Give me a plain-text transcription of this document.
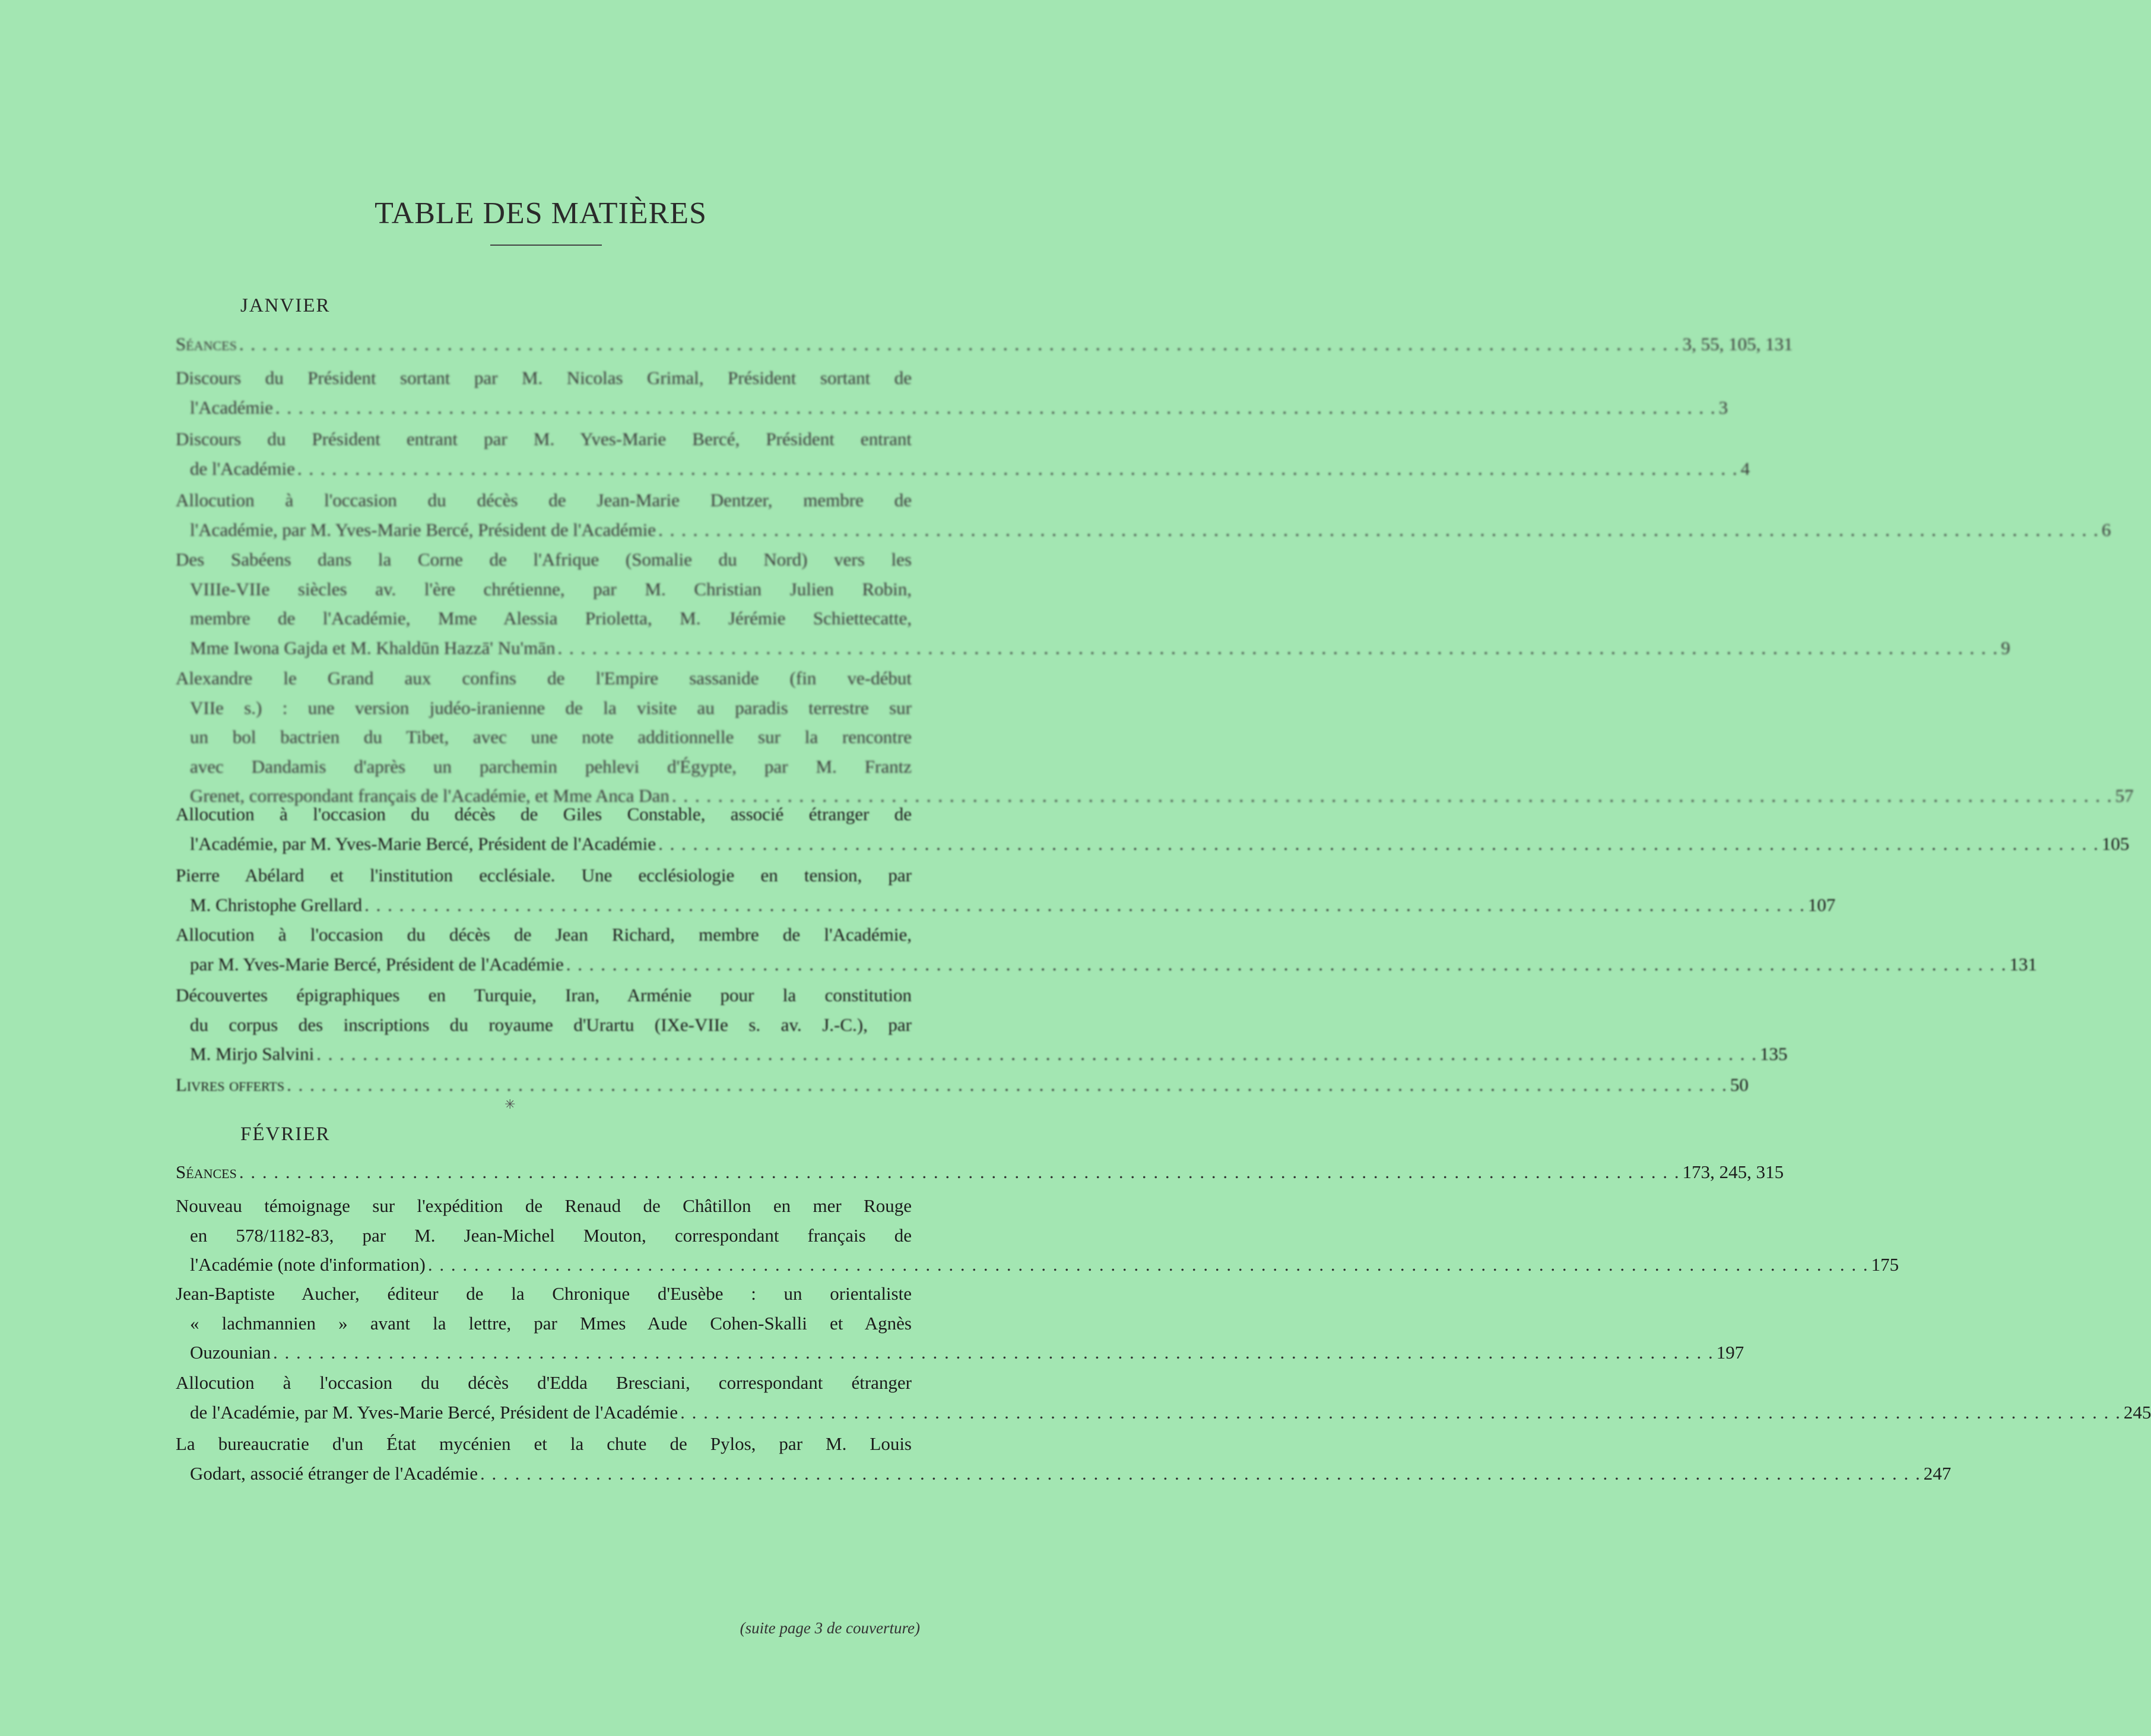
TABLE DES MATIÈRES
JANVIER
FÉVRIER
Séances . . . . . . . . . . . . . . . . . . . . . . . . . . . . . . . . . . . . . . . . . . . . . . . . . . . . . . . . . . . . . . . . . . . . . . . . . . . . . . . . . . . . . . . . . . . . . . . . . . . . . . . . . . . . . . . . . . . . . . . . . . . . . 3, 55, 105, 131
Discours du Président sortant par M. Nicolas Grimal, Président sortant de
l'Académie . . . . . . . . . . . . . . . . . . . . . . . . . . . . . . . . . . . . . . . . . . . . . . . . . . . . . . . . . . . . . . . . . . . . . . . . . . . . . . . . . . . . . . . . . . . . . . . . . . . . . . . . . . . . . . . . . . . . . . . . . . . . . 3
Discours du Président entrant par M. Yves-Marie Bercé, Président entrant
de l'Académie . . . . . . . . . . . . . . . . . . . . . . . . . . . . . . . . . . . . . . . . . . . . . . . . . . . . . . . . . . . . . . . . . . . . . . . . . . . . . . . . . . . . . . . . . . . . . . . . . . . . . . . . . . . . . . . . . . . . . . . . . . . . . 4
Allocution à l'occasion du décès de Jean-Marie Dentzer, membre de
l'Académie, par M. Yves-Marie Bercé, Président de l'Académie . . . . . . . . . . . . . . . . . . . . . . . . . . . . . . . . . . . . . . . . . . . . . . . . . . . . . . . . . . . . . . . . . . . . . . . . . . . . . . . . . . . . . . . . . . . . . . . . . . . . . . . . . . . . . . . . . . . . . . . . . . . . . 6
Des Sabéens dans la Corne de l'Afrique (Somalie du Nord) vers les
VIIIe-VIIe siècles av. l'ère chrétienne, par M. Christian Julien Robin,
membre de l'Académie, Mme Alessia Prioletta, M. Jérémie Schiettecatte,
Mme Iwona Gajda et M. Khaldūn Hazzā' Nu'mān . . . . . . . . . . . . . . . . . . . . . . . . . . . . . . . . . . . . . . . . . . . . . . . . . . . . . . . . . . . . . . . . . . . . . . . . . . . . . . . . . . . . . . . . . . . . . . . . . . . . . . . . . . . . . . . . . . . . . . . . . . . . . 9
Alexandre le Grand aux confins de l'Empire sassanide (fin ve-début
VIIe s.) : une version judéo-iranienne de la visite au paradis terrestre sur
un bol bactrien du Tibet, avec une note additionnelle sur la rencontre
avec Dandamis d'après un parchemin pehlevi d'Égypte, par M. Frantz
Grenet, correspondant français de l'Académie, et Mme Anca Dan . . . . . . . . . . . . . . . . . . . . . . . . . . . . . . . . . . . . . . . . . . . . . . . . . . . . . . . . . . . . . . . . . . . . . . . . . . . . . . . . . . . . . . . . . . . . . . . . . . . . . . . . . . . . . . . . . . . . . . . . . . . . . 57
Allocution à l'occasion du décès de Giles Constable, associé étranger de
l'Académie, par M. Yves-Marie Bercé, Président de l'Académie . . . . . . . . . . . . . . . . . . . . . . . . . . . . . . . . . . . . . . . . . . . . . . . . . . . . . . . . . . . . . . . . . . . . . . . . . . . . . . . . . . . . . . . . . . . . . . . . . . . . . . . . . . . . . . . . . . . . . . . . . . . . . 105
Pierre Abélard et l'institution ecclésiale. Une ecclésiologie en tension, par
M. Christophe Grellard . . . . . . . . . . . . . . . . . . . . . . . . . . . . . . . . . . . . . . . . . . . . . . . . . . . . . . . . . . . . . . . . . . . . . . . . . . . . . . . . . . . . . . . . . . . . . . . . . . . . . . . . . . . . . . . . . . . . . . . . . . . . . 107
Allocution à l'occasion du décès de Jean Richard, membre de l'Académie,
par M. Yves-Marie Bercé, Président de l'Académie . . . . . . . . . . . . . . . . . . . . . . . . . . . . . . . . . . . . . . . . . . . . . . . . . . . . . . . . . . . . . . . . . . . . . . . . . . . . . . . . . . . . . . . . . . . . . . . . . . . . . . . . . . . . . . . . . . . . . . . . . . . . . 131
Découvertes épigraphiques en Turquie, Iran, Arménie pour la constitution
du corpus des inscriptions du royaume d'Urartu (IXe-VIIe s. av. J.-C.), par
M. Mirjo Salvini . . . . . . . . . . . . . . . . . . . . . . . . . . . . . . . . . . . . . . . . . . . . . . . . . . . . . . . . . . . . . . . . . . . . . . . . . . . . . . . . . . . . . . . . . . . . . . . . . . . . . . . . . . . . . . . . . . . . . . . . . . . . . 135
Livres offerts . . . . . . . . . . . . . . . . . . . . . . . . . . . . . . . . . . . . . . . . . . . . . . . . . . . . . . . . . . . . . . . . . . . . . . . . . . . . . . . . . . . . . . . . . . . . . . . . . . . . . . . . . . . . . . . . . . . . . . . . . . . . . 50
Séances . . . . . . . . . . . . . . . . . . . . . . . . . . . . . . . . . . . . . . . . . . . . . . . . . . . . . . . . . . . . . . . . . . . . . . . . . . . . . . . . . . . . . . . . . . . . . . . . . . . . . . . . . . . . . . . . . . . . . . . . . . . . . 173, 245, 315
Nouveau témoignage sur l'expédition de Renaud de Châtillon en mer Rouge
en 578/1182-83, par M. Jean-Michel Mouton, correspondant français de
l'Académie (note d'information) . . . . . . . . . . . . . . . . . . . . . . . . . . . . . . . . . . . . . . . . . . . . . . . . . . . . . . . . . . . . . . . . . . . . . . . . . . . . . . . . . . . . . . . . . . . . . . . . . . . . . . . . . . . . . . . . . . . . . . . . . . . . . 175
Jean-Baptiste Aucher, éditeur de la Chronique d'Eusèbe : un orientaliste
« lachmannien » avant la lettre, par Mmes Aude Cohen-Skalli et Agnès
Ouzounian . . . . . . . . . . . . . . . . . . . . . . . . . . . . . . . . . . . . . . . . . . . . . . . . . . . . . . . . . . . . . . . . . . . . . . . . . . . . . . . . . . . . . . . . . . . . . . . . . . . . . . . . . . . . . . . . . . . . . . . . . . . . . 197
Allocution à l'occasion du décès d'Edda Bresciani, correspondant étranger
de l'Académie, par M. Yves-Marie Bercé, Président de l'Académie . . . . . . . . . . . . . . . . . . . . . . . . . . . . . . . . . . . . . . . . . . . . . . . . . . . . . . . . . . . . . . . . . . . . . . . . . . . . . . . . . . . . . . . . . . . . . . . . . . . . . . . . . . . . . . . . . . . . . . . . . . . . . 245
La bureaucratie d'un État mycénien et la chute de Pylos, par M. Louis
Godart, associé étranger de l'Académie . . . . . . . . . . . . . . . . . . . . . . . . . . . . . . . . . . . . . . . . . . . . . . . . . . . . . . . . . . . . . . . . . . . . . . . . . . . . . . . . . . . . . . . . . . . . . . . . . . . . . . . . . . . . . . . . . . . . . . . . . . . . . 247
✳
(suite page 3 de couverture)
